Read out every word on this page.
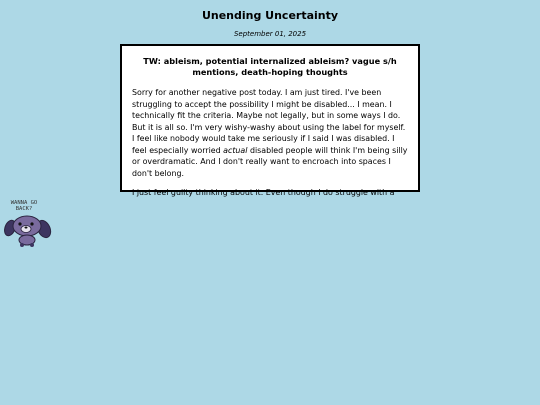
Unending Uncertainty
September 01, 2025
TW: ableism, potential internalized ableism? vague s/h mentions, death-hoping thoughts

Sorry for another negative post today. I am just tired. I've been struggling to accept the possibility I might be disabled... I mean. I technically fit the criteria. Maybe not legally, but in some ways I do. But it is all so. I'm very wishy-washy about using the label for myself. I feel like nobody would take me seriously if I said I was disabled. I feel especially worried actual disabled people will think I'm being silly or overdramatic. And I don't really want to encroach into spaces I don't belong.

I just feel guilty thinking about it. Even though I do struggle with a

WANNA GO BACK?
